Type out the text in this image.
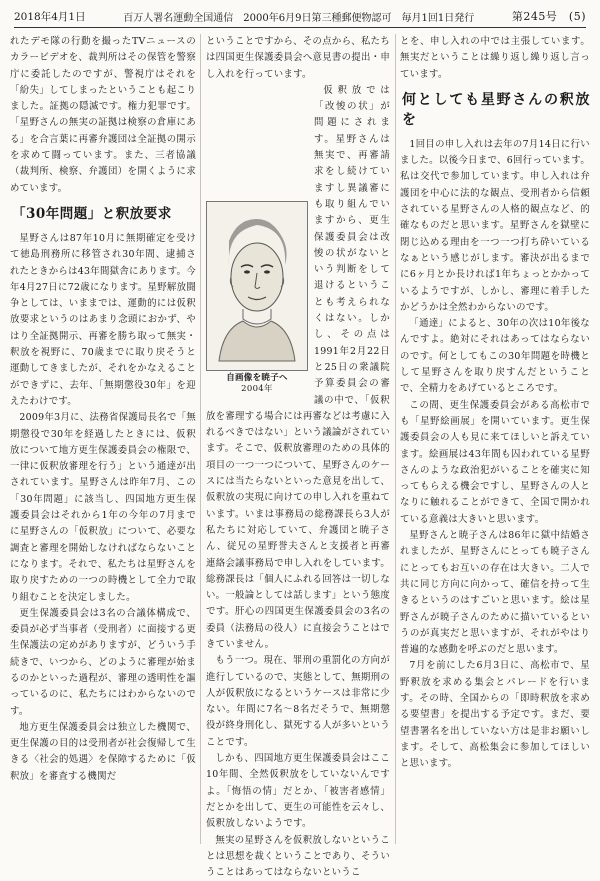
2018年4月1日	百万人署名運動全国通信　2000年6月9日第三種郵便物認可　毎月1回1日発行	第245号　 (5)

れたデモ隊の行動を撮ったTVニュースのカラービデオを、裁判所はその保管を警察庁に委託したのですが、警視庁はそれを「紛失」してしまったということも起こりました。証拠の隠滅です。権力犯罪です。「星野さんの無実の証拠は検察の倉庫にある」を合言葉に再審弁護団は全証拠の開示を求めて闘っています。また、三者協議（裁判所、検察、弁護団）を開くように求めています。

「30年問題」と釈放要求

星野さんは87年10月に無期確定を受けて徳島刑務所に移管され30年間、逮捕されたときからは43年間獄舎にあります。今年4月27日に72歳になります。星野解放闘争としては、いままでは、運動的には仮釈放要求というのはあまり念頭におかず、やはり全証拠開示、再審を勝ち取って無実・釈放を視野に、70歳までに取り戻そうと運動してきましたが、それをかなえることができずに、去年、「無期懲役30年」を迎えたわけです。

2009年3月に、法務省保護局長名で「無期懲役で30年を経過したときには、仮釈放について地方更生保護委員会の権限で、一律に仮釈放審理を行う」という通達が出されています。星野さんは昨年7月、この「30年問題」に該当し、四国地方更生保護委員会はそれから1年の今年の7月までに星野さんの「仮釈放」について、必要な調査と審理を開始しなければならないことになります。それで、私たちは星野さんを取り戻すための一つの時機として全力で取り組むことを決定しました。

更生保護委員会は3名の合議体構成で、委員が必ず当事者（受刑者）に面接する更生保護法の定めがありますが、どういう手続きで、いつから、どのように審理が始まるのかといった過程が、審理の透明性を謳っているのに、私たちにはわからないのです。

地方更生保護委員会は独立した機関で、更生保護の目的は受刑者が社会復帰して生きる〈社会的処遇〉を保障するために「仮釈放」を審査する機関だ

ということですから、その点から、私たちは四国更生保護委員会へ意見書の提出・申し入れを行っています。

自画像を暁子へ
2004年

仮釈放では「改悛の状」が問題にされます。星野さんは無実で、再審請求をし続けていますし異議審にも取り組んでいますから、更生保護委員会は改悛の状がないという判断をして退けるということも考えられなくはない。しかし、その点は1991年2月22日と25日の衆議院予算委員会の審議の中で、「仮釈放を審理する場合には再審などは考慮に入れるべきではない」という議論がされています。そこで、仮釈放審理のための具体的項目の一つ一つについて、星野さんのケースには当たらないといった意見を出して、仮釈放の実現に向けての申し入れを重ねています。いまは事務局の総務課長ら3人が私たちに対応していて、弁護団と暁子さん、従兄の星野誉夫さんと支援者と再審連絡会議事務局で申し入れをしています。総務課長は「個人にふれる回答は一切しない。一般論としては話します」という態度です。肝心の四国更生保護委員会の3名の委員（法務局の役人）に直接会うことはできていません。

もう一つ。現在、罪刑の重罰化の方向が進行しているので、実態として、無期刑の人が仮釈放になるというケースは非常に少ない。年間に7名〜8名だそうで、無期懲役が終身刑化し、獄死する人が多いということです。

しかも、四国地方更生保護委員会はここ10年間、全然仮釈放をしていないんですよ。「悔悟の情」だとか、「被害者感情」だとかを出して、更生の可能性を云々し、仮釈放しないようです。

無実の星野さんを仮釈放しないということは思想を裁くということであり、そういうことはあってはならないというこ

とを、申し入れの中では主張しています。無実だということは繰り返し繰り返し言っています。

何としても星野さんの釈放を

1回目の申し入れは去年の7月14日に行いました。以後今日まで、6回行っています。私は交代で参加しています。申し入れは弁護団を中心に法的な観点、受刑者から信頼されている星野さんの人格的観点など、的確なものだと思います。星野さんを獄壁に閉じ込める理由を一つ一つ打ち砕いているなぁという感じがします。審決が出るまでに6ヶ月とか長ければ1年ちょっとかかっているようですが、しかし、審理に着手したかどうかは全然わからないのです。

「通達」によると、30年の次は10年後なんですよ。絶対にそれはあってはならないのです。何としてもこの30年問題を時機として星野さんを取り戻すんだということで、全精力をあげているところです。

この間、更生保護委員会がある高松市でも「星野絵画展」を開いています。更生保護委員会の人も見に来てほしいと訴えています。絵画展は43年間も囚われている星野さんのような政治犯がいることを確実に知ってもらえる機会ですし、星野さんの人となりに触れることができて、全国で開かれている意義は大きいと思います。

星野さんと暁子さんは86年に獄中結婚されましたが、星野さんにとっても暁子さんにとってもお互いの存在は大きい。二人で共に同じ方向に向かって、確信を持って生きるというのはすごいと思います。絵は星野さんが暁子さんのために描いているというのが真実だと思いますが、それがやはり普遍的な感動を呼ぶのだと思います。

7月を前にした6月3日に、高松市で、星野釈放を求める集会とパレードを行います。その時、全国からの「即時釈放を求める要望書」を提出する予定です。まだ、要望書署名を出していない方は是非お願いします。そして、高松集会に参加してほしいと思います。
